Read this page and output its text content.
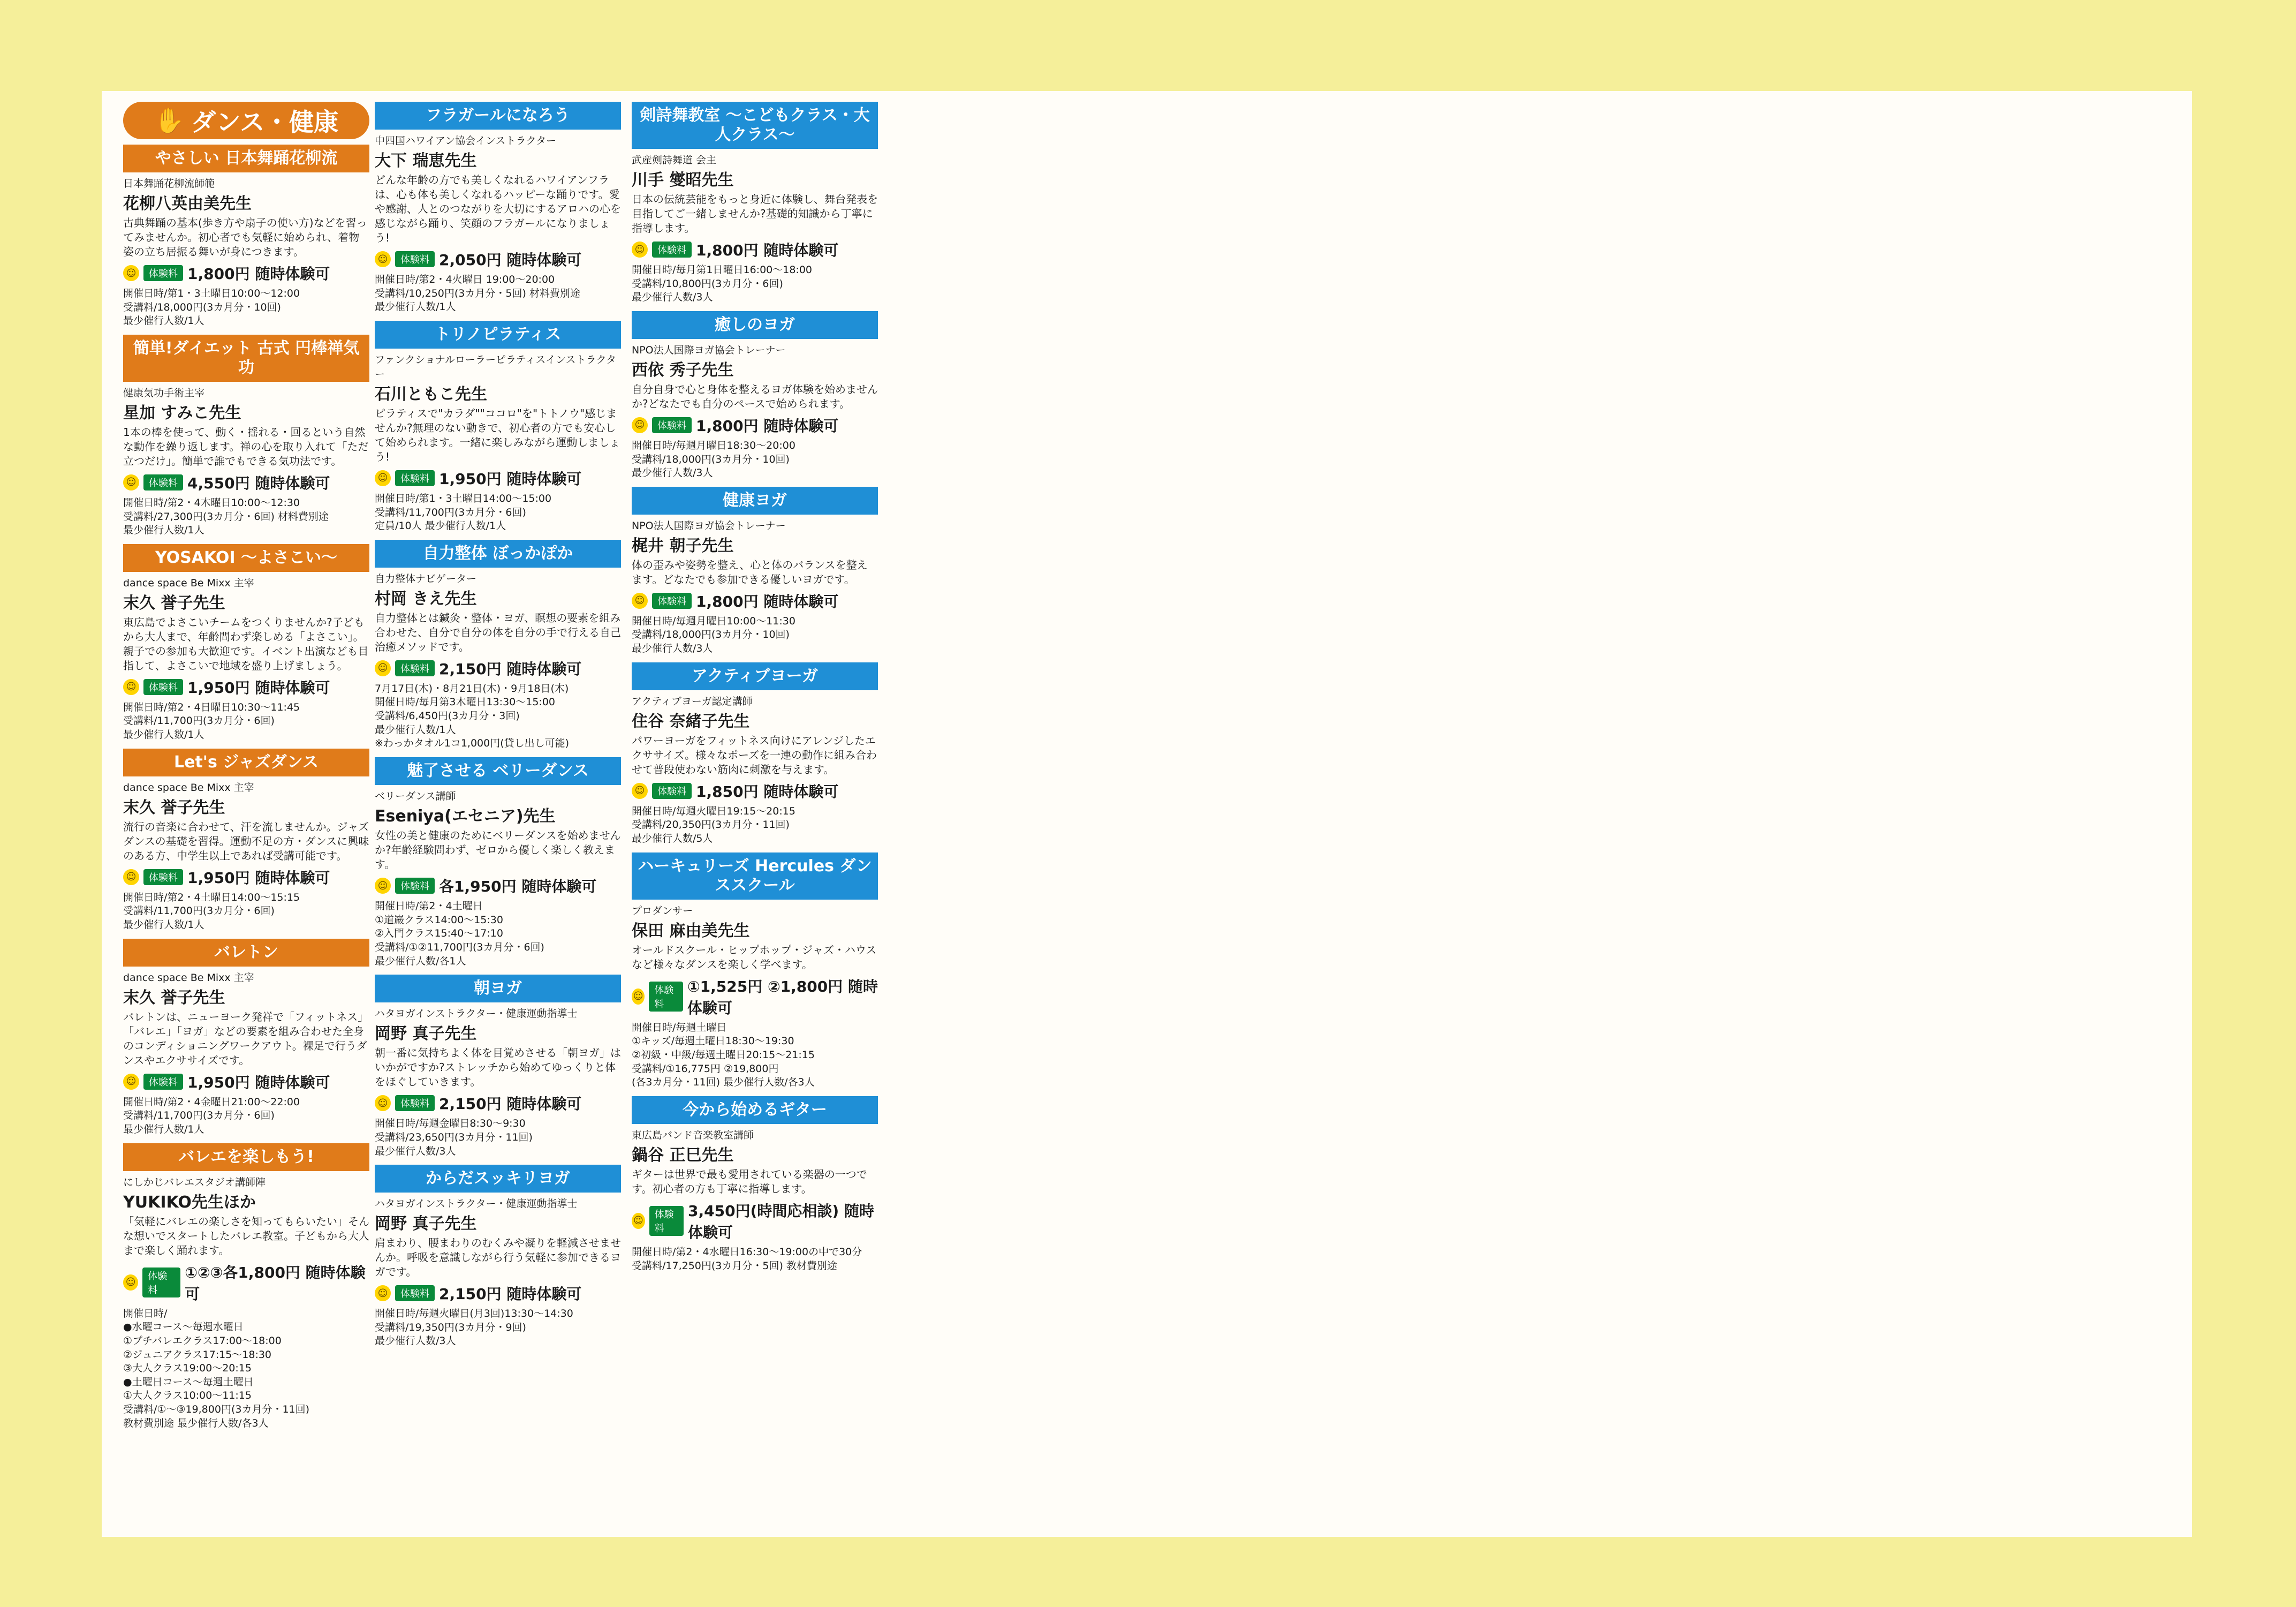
✋ ダンス・健康
やさしい 日本舞踊花柳流
日本舞踊花柳流師範
花柳八英由美先生
古典舞踊の基本(歩き方や扇子の使い方)などを習ってみませんか。初心者でも気軽に始められ、着物姿の立ち居振る舞いが身につきます。
☺	体験料 1,800円 随時体験可
開催日時/第1・3土曜日10:00〜12:00
受講料/18,000円(3カ月分・10回)
最少催行人数/1人
簡単!ダイエット 古式 円棒禅気功
健康気功手術主宰
星加 すみこ先生
1本の棒を使って、動く・揺れる・回るという自然な動作を繰り返します。禅の心を取り入れて「ただ立つだけ」。簡単で誰でもできる気功法です。
☺	体験料 4,550円 随時体験可
開催日時/第2・4木曜日10:00〜12:30
受講料/27,300円(3カ月分・6回) 材料費別途
最少催行人数/1人
YOSAKOI 〜よさこい〜
dance space Be Mixx 主宰
末久 誉子先生
東広島でよさこいチームをつくりませんか?子どもから大人まで、年齢問わず楽しめる「よさこい」。親子での参加も大歓迎です。イベント出演なども目指して、よさこいで地域を盛り上げましょう。
☺	体験料 1,950円 随時体験可
開催日時/第2・4日曜日10:30〜11:45
受講料/11,700円(3カ月分・6回)
最少催行人数/1人
Let's ジャズダンス
dance space Be Mixx 主宰
末久 誉子先生
流行の音楽に合わせて、汗を流しませんか。ジャズダンスの基礎を習得。運動不足の方・ダンスに興味のある方、中学生以上であれば受講可能です。
☺	体験料 1,950円 随時体験可
開催日時/第2・4土曜日14:00〜15:15
受講料/11,700円(3カ月分・6回)
最少催行人数/1人
バレトン
dance space Be Mixx 主宰
末久 誉子先生
バレトンは、ニューヨーク発祥で「フィットネス」「バレエ」「ヨガ」などの要素を組み合わせた全身のコンディショニングワークアウト。裸足で行うダンスやエクササイズです。
☺	体験料 1,950円 随時体験可
開催日時/第2・4金曜日21:00〜22:00
受講料/11,700円(3カ月分・6回)
最少催行人数/1人
バレエを楽しもう!
にしかじバレエスタジオ講師陣
YUKIKO先生ほか
「気軽にバレエの楽しさを知ってもらいたい」そんな想いでスタートしたバレエ教室。子どもから大人まで楽しく踊れます。
☺
体験料
①②③各1,800円 随時体験可
開催日時/
●水曜コース〜毎週水曜日
①プチバレエクラス17:00〜18:00
②ジュニアクラス17:15〜18:30
③大人クラス19:00〜20:15
●土曜日コース〜毎週土曜日
①大人クラス10:00〜11:15
受講料/①〜③19,800円(3カ月分・11回)
教材費別途 最少催行人数/各3人
フラガールになろう
中四国ハワイアン協会インストラクター
大下 瑞恵先生
どんな年齢の方でも美しくなれるハワイアンフラは、心も体も美しくなれるハッピーな踊りです。愛や感謝、人とのつながりを大切にするアロハの心を感じながら踊り、笑顔のフラガールになりましょう!
☺	体験料 2,050円 随時体験可
開催日時/第2・4火曜日 19:00〜20:00
受講料/10,250円(3カ月分・5回) 材料費別途
最少催行人数/1人
トリノピラティス
ファンクショナルローラーピラティスインストラクター
石川ともこ先生
ピラティスで"カラダ""ココロ"を"トトノウ"感じませんか?無理のない動きで、初心者の方でも安心して始められます。一緒に楽しみながら運動しましょう!
☺	体験料 1,950円 随時体験可
開催日時/第1・3土曜日14:00〜15:00
受講料/11,700円(3カ月分・6回)
定員/10人 最少催行人数/1人
自力整体 ぼっかぽか
自力整体ナビゲーター
村岡 きえ先生
自力整体とは鍼灸・整体・ヨガ、瞑想の要素を組み合わせた、自分で自分の体を自分の手で行える自己治癒メソッドです。
☺	体験料 2,150円 随時体験可
7月17日(木)・8月21日(木)・9月18日(木)
開催日時/毎月第3木曜日13:30〜15:00
受講料/6,450円(3カ月分・3回)
最少催行人数/1人
※わっかタオル1コ1,000円(貸し出し可能)
魅了させる ベリーダンス
ベリーダンス講師
Eseniya(エセニア)先生
女性の美と健康のためにベリーダンスを始めませんか?年齢経験問わず、ゼロから優しく楽しく教えます。
☺	体験料 各1,950円 随時体験可
開催日時/第2・4土曜日
①道巌クラス14:00〜15:30
②入門クラス15:40〜17:10
受講料/①②11,700円(3カ月分・6回)
最少催行人数/各1人
朝ヨガ
ハタヨガインストラクター・健康運動指導士
岡野 真子先生
朝一番に気持ちよく体を目覚めさせる「朝ヨガ」はいかがですか?ストレッチから始めてゆっくりと体をほぐしていきます。
☺	体験料 2,150円 随時体験可
開催日時/毎週金曜日8:30〜9:30
受講料/23,650円(3カ月分・11回)
最少催行人数/3人
からだスッキリヨガ
ハタヨガインストラクター・健康運動指導士
岡野 真子先生
肩まわり、腰まわりのむくみや凝りを軽減させませんか。呼吸を意識しながら行う気軽に参加できるヨガです。
☺	体験料 2,150円 随時体験可
開催日時/毎週火曜日(月3回)13:30〜14:30
受講料/19,350円(3カ月分・9回)
最少催行人数/3人
剣詩舞教室 〜こどもクラス・大人クラス〜
武産剣詩舞道 会主
川手 燮昭先生
日本の伝統芸能をもっと身近に体験し、舞台発表を目指してご一緒しませんか?基礎的知識から丁寧に指導します。
☺	体験料 1,800円 随時体験可
開催日時/毎月第1日曜日16:00〜18:00
受講料/10,800円(3カ月分・6回)
最少催行人数/3人
癒しのヨガ
NPO法人国際ヨガ協会トレーナー
西依 秀子先生
自分自身で心と身体を整えるヨガ体験を始めませんか?どなたでも自分のペースで始められます。
☺	体験料 1,800円 随時体験可
開催日時/毎週月曜日18:30〜20:00
受講料/18,000円(3カ月分・10回)
最少催行人数/3人
健康ヨガ
NPO法人国際ヨガ協会トレーナー
梶井 朝子先生
体の歪みや姿勢を整え、心と体のバランスを整えます。どなたでも参加できる優しいヨガです。
☺	体験料 1,800円 随時体験可
開催日時/毎週月曜日10:00〜11:30
受講料/18,000円(3カ月分・10回)
最少催行人数/3人
アクティブヨーガ
アクティブヨーガ認定講師
住谷 奈緒子先生
パワーヨーガをフィットネス向けにアレンジしたエクササイズ。様々なポーズを一連の動作に組み合わせて普段使わない筋肉に刺激を与えます。
☺	体験料 1,850円 随時体験可
開催日時/毎週火曜日19:15〜20:15
受講料/20,350円(3カ月分・11回)
最少催行人数/5人
ハーキュリーズ Hercules ダンススクール
プロダンサー
保田 麻由美先生
オールドスクール・ヒップホップ・ジャズ・ハウスなど様々なダンスを楽しく学べます。
☺
体験料
①1,525円 ②1,800円 随時体験可
開催日時/毎週土曜日
①キッズ/毎週土曜日18:30〜19:30
②初級・中級/毎週土曜日20:15〜21:15
受講料/①16,775円 ②19,800円
(各3カ月分・11回) 最少催行人数/各3人
今から始めるギター
東広島バンド音楽教室講師
鍋谷 正巳先生
ギターは世界で最も愛用されている楽器の一つです。初心者の方も丁寧に指導します。
☺
体験料
3,450円(時間応相談) 随時体験可
開催日時/第2・4水曜日16:30〜19:00の中で30分
受講料/17,250円(3カ月分・5回) 教材費別途
